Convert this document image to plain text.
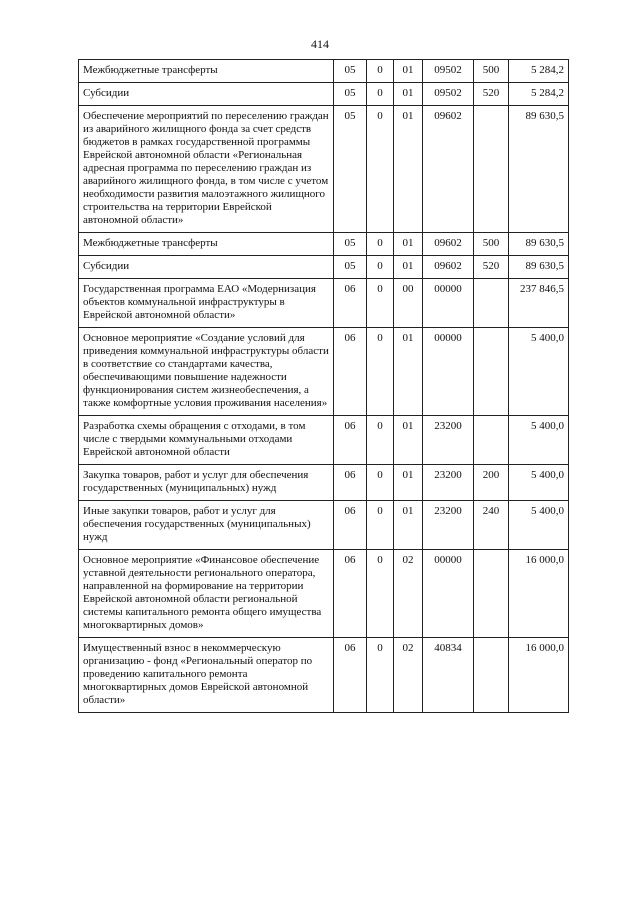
414
Межбюджетные трансферты	05	0	01	09502	500	5 284,2
Субсидии	05	0	01	09502	520	5 284,2
Обеспечение мероприятий по переселению граждан из аварийного жилищного фонда за счет средств бюджетов в рамках государственной программы Еврейской автономной области «Региональная адресная программа по переселению граждан из аварийного жилищного фонда, в том числе с учетом необходимости развития малоэтажного жилищного строительства на территории Еврейской автономной области»	05	0	01	09602		89 630,5
Межбюджетные трансферты	05	0	01	09602	500	89 630,5
Субсидии	05	0	01	09602	520	89 630,5
Государственная программа ЕАО «Модернизация объектов коммунальной инфраструктуры в Еврейской автономной области»	06	0	00	00000		237 846,5
Основное мероприятие «Создание условий для приведения коммунальной инфраструктуры области в соответствие со стандартами качества, обеспечивающими повышение надежности функционирования систем жизнеобеспечения, а также комфортные условия проживания населения»	06	0	01	00000		5 400,0
Разработка схемы обращения с отходами, в том числе с твердыми коммунальными отходами Еврейской автономной области	06	0	01	23200		5 400,0
Закупка товаров, работ и услуг для обеспечения государственных (муниципальных) нужд	06	0	01	23200	200	5 400,0
Иные закупки товаров, работ и услуг для обеспечения государственных (муниципальных) нужд	06	0	01	23200	240	5 400,0
Основное мероприятие «Финансовое обеспечение уставной деятельности регионального оператора, направленной на формирование на территории Еврейской автономной области региональной системы капитального ремонта общего имущества многоквартирных домов»	06	0	02	00000		16 000,0
Имущественный взнос в некоммерческую организацию - фонд «Региональный оператор по проведению капитального ремонта многоквартирных домов Еврейской автономной области»	06	0	02	40834		16 000,0
